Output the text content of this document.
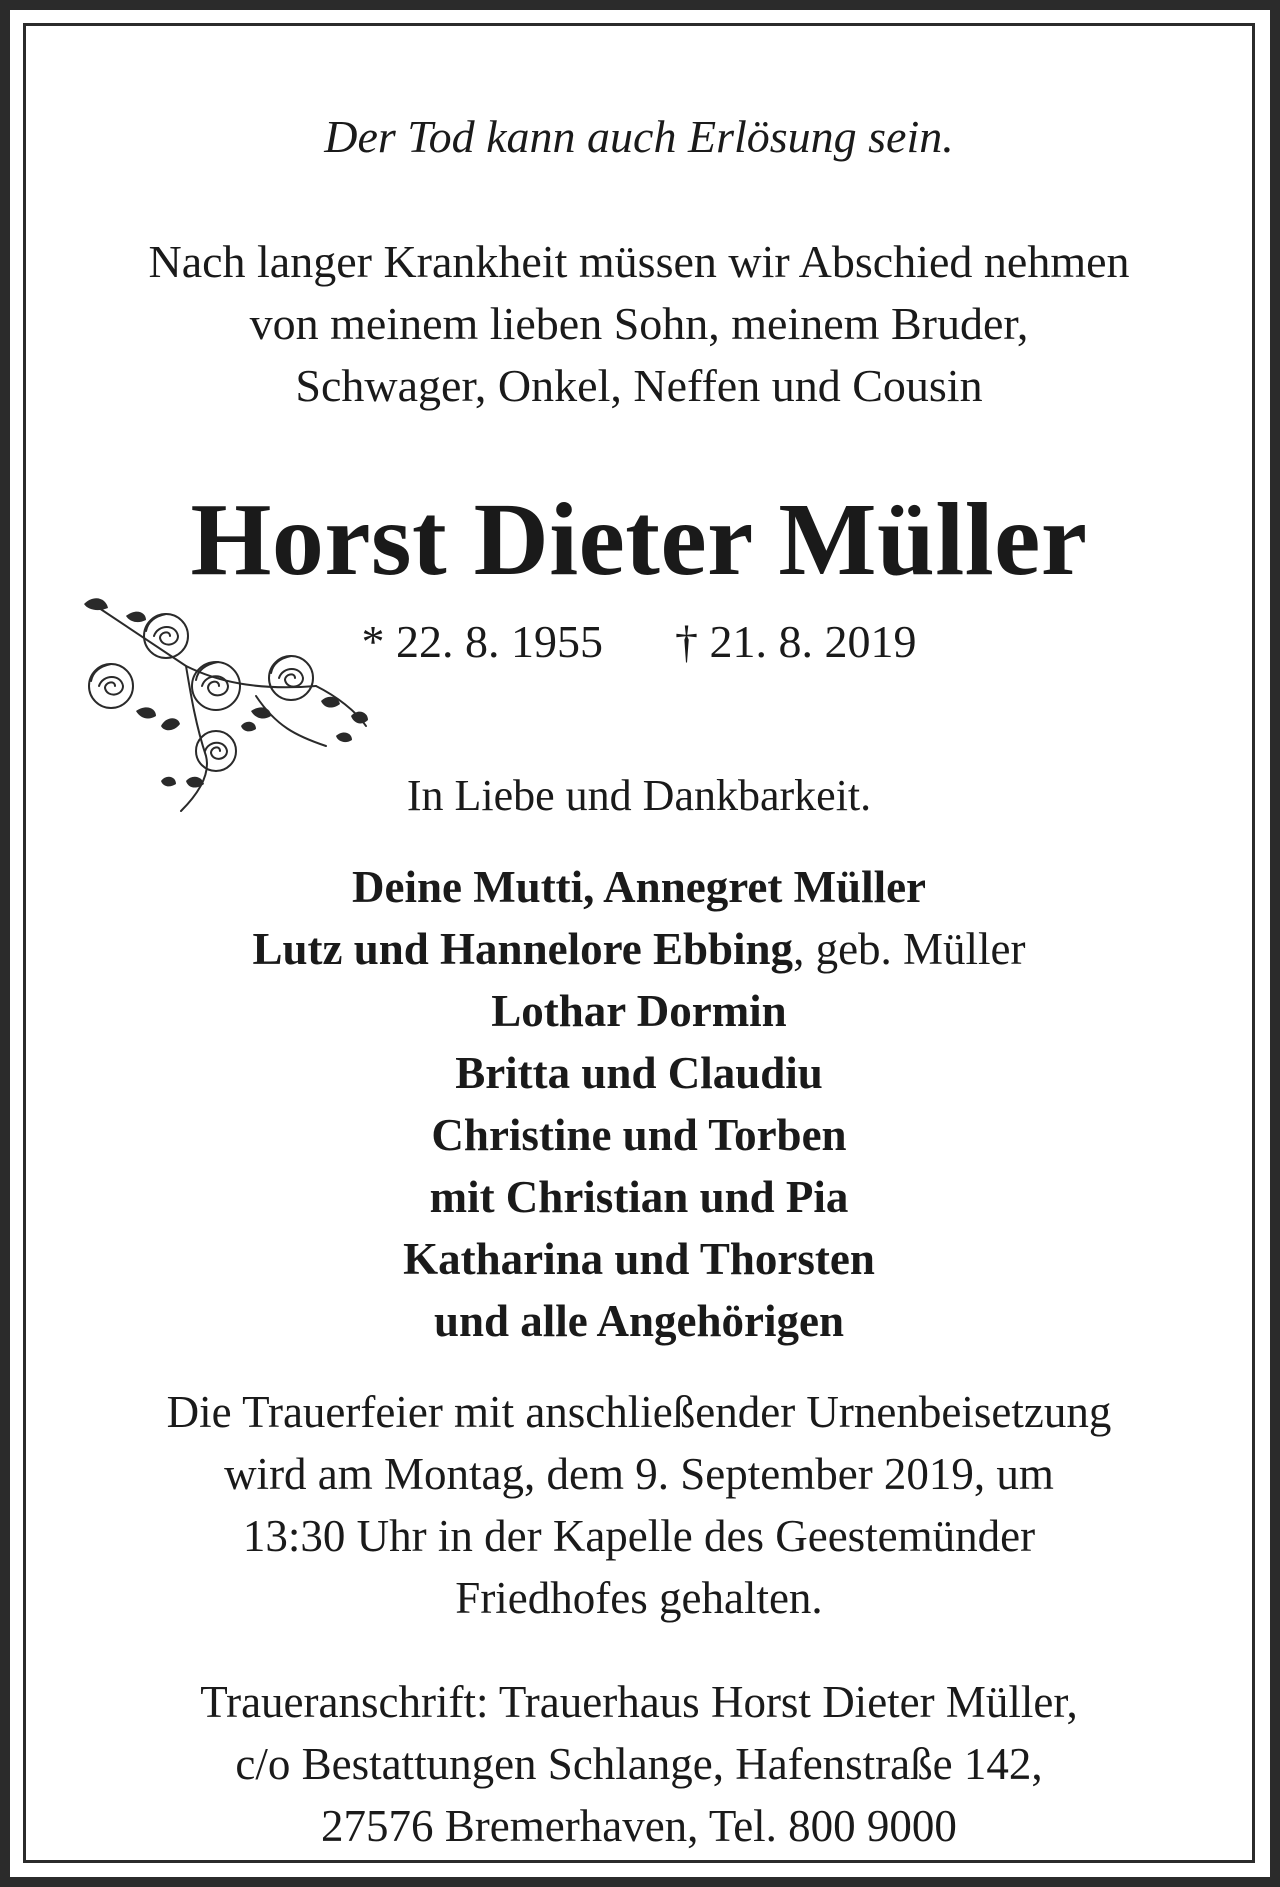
Der Tod kann auch Erlösung sein.
Nach langer Krankheit müssen wir Abschied nehmen
von meinem lieben Sohn, meinem Bruder,
Schwager, Onkel, Neffen und Cousin
Horst Dieter Müller
* 22. 8. 1955 † 21. 8. 2019
In Liebe und Dankbarkeit.
Deine Mutti, Annegret Müller
Lutz und Hannelore Ebbing, geb. Müller
Lothar Dormin
Britta und Claudiu
Christine und Torben
mit Christian und Pia
Katharina und Thorsten
und alle Angehörigen
Die Trauerfeier mit anschließender Urnenbeisetzung
wird am Montag, dem 9. September 2019, um
13:30 Uhr in der Kapelle des Geestemünder
Friedhofes gehalten.
Traueranschrift: Trauerhaus Horst Dieter Müller,
c/o Bestattungen Schlange, Hafenstraße 142,
27576 Bremerhaven, Tel. 800 9000
